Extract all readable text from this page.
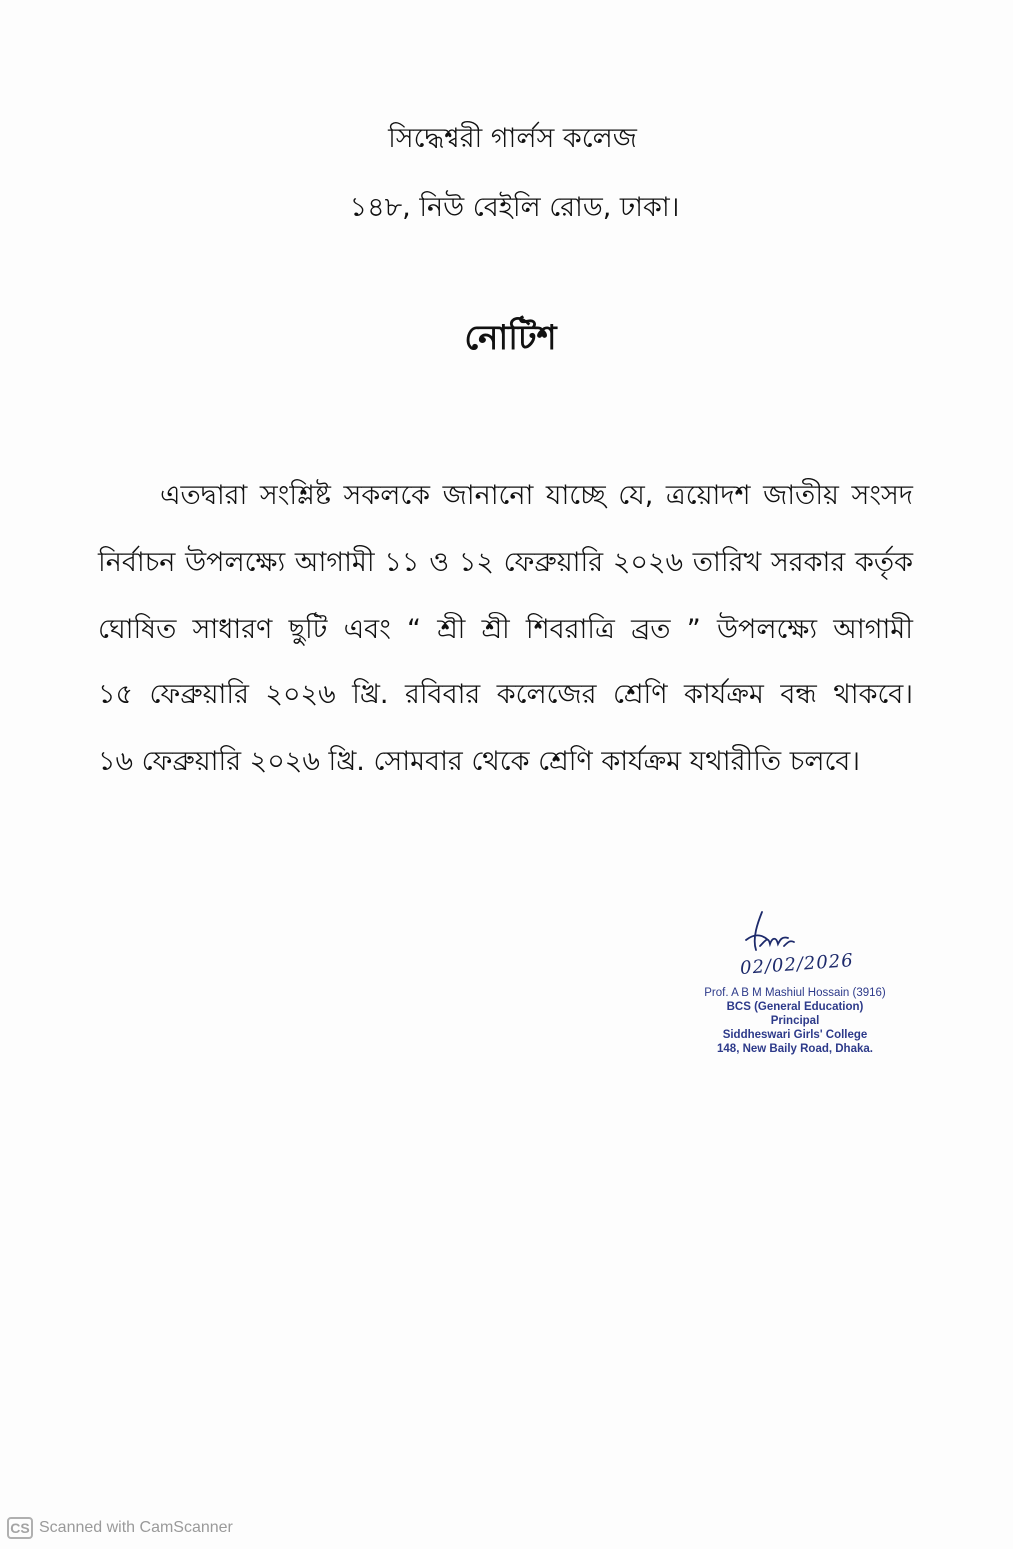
সিদ্ধেশ্বরী গার্লস কলেজ
১৪৮, নিউ বেইলি রোড, ঢাকা।
নোটিশ
এতদ্বারা সংশ্লিষ্ট সকলকে জানানো যাচ্ছে যে, ত্রয়োদশ জাতীয় সংসদ
নির্বাচন উপলক্ষ্যে আগামী ১১ ও ১২ ফেব্রুয়ারি ২০২৬ তারিখ সরকার কর্তৃক
ঘোষিত সাধারণ ছুটি এবং “ শ্রী শ্রী শিবরাত্রি ব্রত ” উপলক্ষ্যে আগামী
১৫ ফেব্রুয়ারি ২০২৬ খ্রি. রবিবার কলেজের শ্রেণি কার্যক্রম বন্ধ থাকবে।
১৬ ফেব্রুয়ারি ২০২৬ খ্রি. সোমবার থেকে শ্রেণি কার্যক্রম যথারীতি চলবে।
02/02/2026
Prof. A B M Mashiul Hossain (3916)
BCS (General Education)
Principal
Siddheswari Girls' College
148, New Baily Road, Dhaka.
CS Scanned with CamScanner
